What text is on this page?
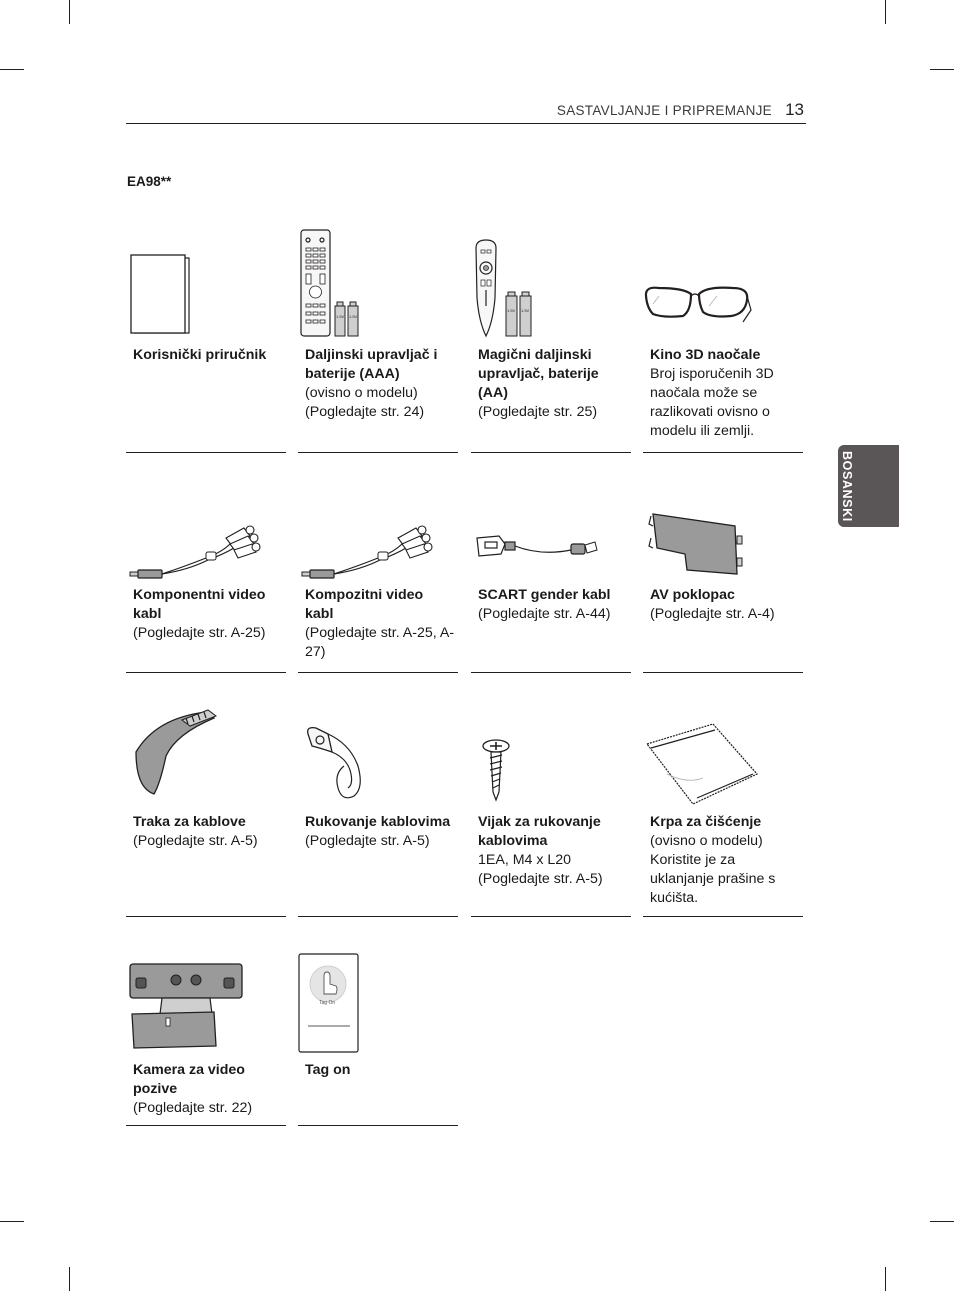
SASTAVLJANJE I PRIPREMANJE 13
EA98**
BOSANSKI
Korisnički priručnik
1.5V 1.5V
Daljinski upravljač i baterije (AAA)
(ovisno o modelu)
(Pogledajte str. 24)
1.5V 1.5V
Magični daljinski upravljač, baterije (AA)
(Pogledajte str. 25)
Kino 3D naočale
Broj isporučenih 3D naočala može se razlikovati ovisno o modelu ili zemlji.
Komponentni video kabl
(Pogledajte str. A-25)
Kompozitni video kabl
(Pogledajte str. A-25, A-27)
SCART gender kabl
(Pogledajte str. A-44)
AV poklopac
(Pogledajte str. A-4)
Traka za kablove
(Pogledajte str. A-5)
Rukovanje kablovima
(Pogledajte str. A-5)
Vijak za rukovanje kablovima
1EA, M4 x L20
(Pogledajte str. A-5)
Krpa za čišćenje
(ovisno o modelu)
Koristite je za uklanjanje prašine s kućišta.
Kamera za video pozive
(Pogledajte str. 22)
Tag On
Tag on
